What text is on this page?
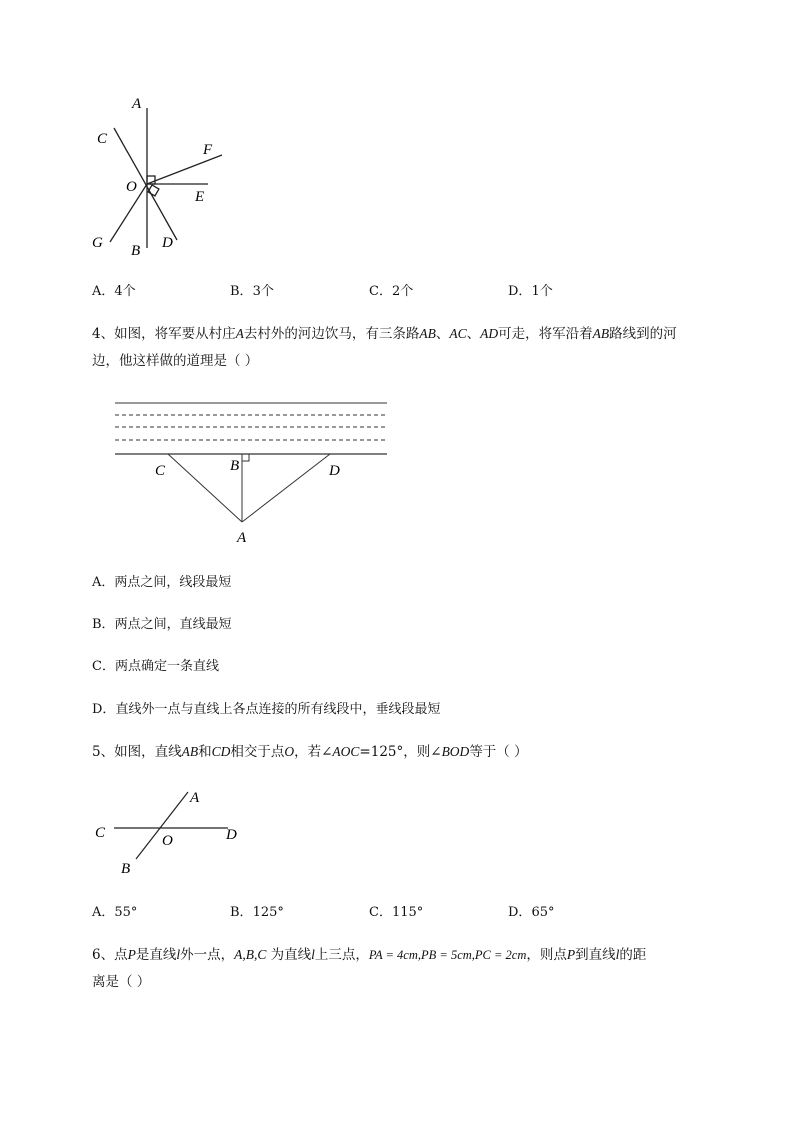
A
C
F
O
E
G B D
A．4个	B．3个	C．2个	D．1个
4、如图，将军要从村庄A去村外的河边饮马，有三条路AB、AC、AD可走，将军沿着AB路线到的河
边，他这样做的道理是（ ）
C	B	D
A
A．两点之间，线段最短
B．两点之间，直线最短
C．两点确定一条直线
D．直线外一点与直线上各点连接的所有线段中，垂线段最短
5、如图，直线AB和CD相交于点O，若∠AOC=125°，则∠BOD等于（ ）
A
C	O	D
B
A．55°	B．125°	C．115°	D．65°
6、点P是直线l外一点，A,B,C 为直线l上三点，PA = 4cm,PB = 5cm,PC = 2cm，则点P到直线l的距
离是（ ）
